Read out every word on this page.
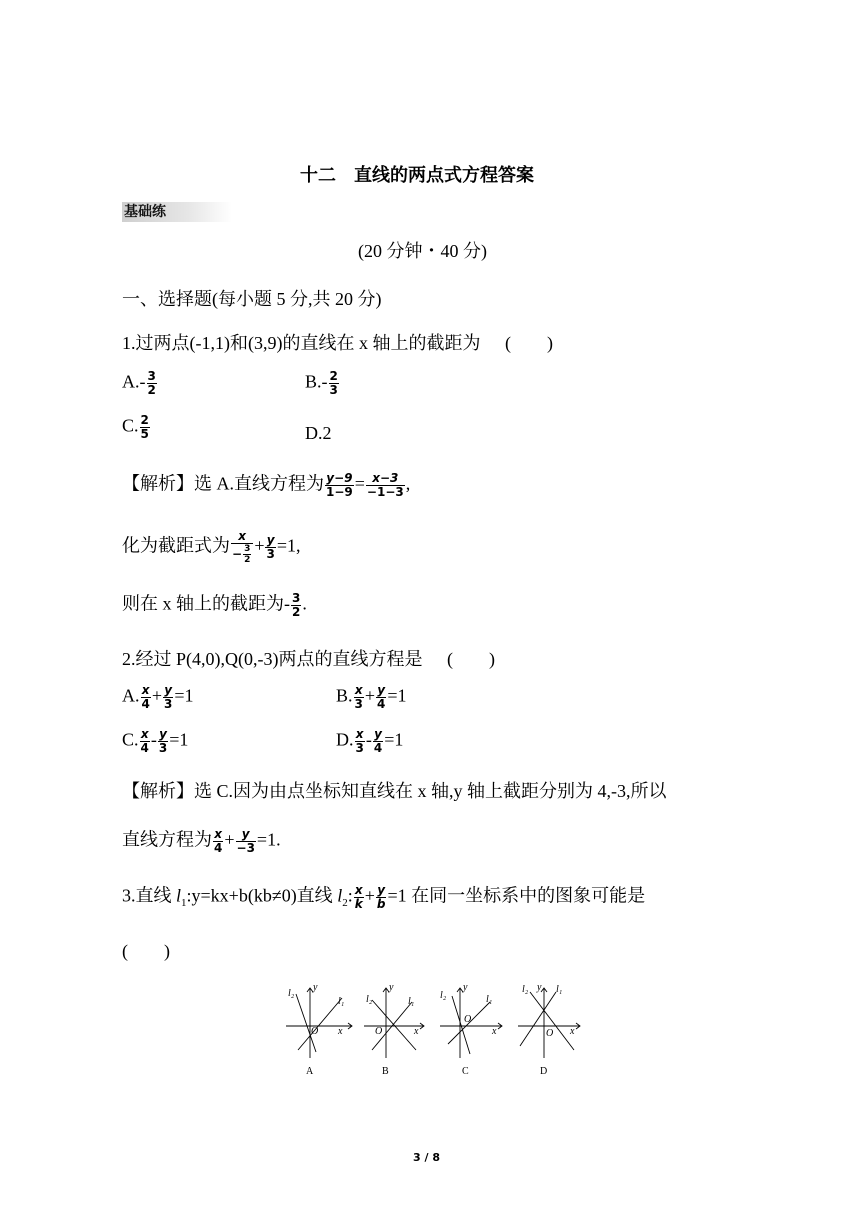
十二　直线的两点式方程答案
基础练
(20 分钟・40 分)
一、选择题(每小题 5 分,共 20 分)
1.过两点(-1,1)和(3,9)的直线在 x 轴上的截距为 (　　)
$A.- \frac{3}{2}$	$B.- \frac{2}{3}$
C. $\frac{2}{5}$	D.2
【解析】选 A.直线方程为 $\frac{y-9}{1-9} = \frac{x-3}{-1-3}$ ,
化为截距式为 $\frac{x}{- \frac{3}{2}} + \frac{y}{3} =1$,
则在 x 轴上的截距为- $\frac{3}{2}$ .
2.经过 P(4,0),Q(0,-3)两点的直线方程是 (　　)
A. $\frac{x}{4} + \frac{y}{3} =1$	B. $\frac{x}{3} + \frac{y}{4} =1$
C. $\frac{x}{4} - \frac{y}{3} =1$	D. $\frac{x}{3} - \frac{y}{4} =1$
【解析】选 C.因为由点坐标知直线在 x 轴,y 轴上截距分别为 4,-3,所以
直线方程为 $\frac{x}{4} + \frac{y}{-3} =1$.
3.直线 $l_1:y=kx+b(kb\ne 0)$直线 $l_2$: $\frac{x}{k} + \frac{y}{b} =1$ 在同一坐标系中的图象可能是
(　　)
y
l₂
l₁
O x
A
y
l₂	l₁
O	x
B
y
l₂	l₁
O
x
C
y
l₂	l₁
O x
D
3 / 8
